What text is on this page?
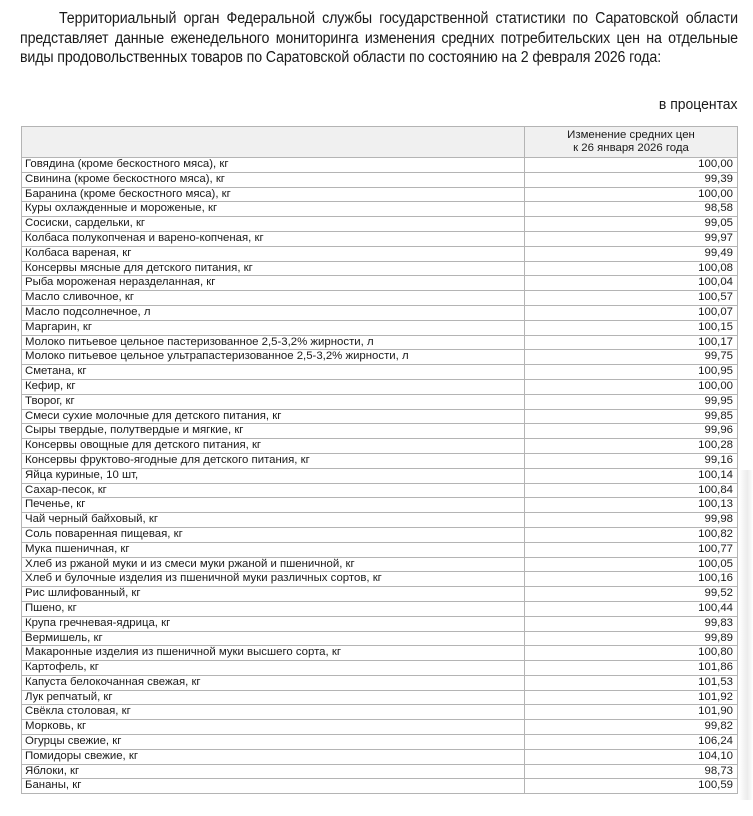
Территориальный орган Федеральной службы государственной статистики по Саратовской области представляет данные еженедельного мониторинга изменения средних потребительских цен на отдельные виды продовольственных товаров по Саратовской области по состоянию на 2 февраля 2026 года:

в процентах

	Изменение средних цен
к 26 января 2026 года

Говядина (кроме бескостного мяса), кг	100,00
Свинина (кроме бескостного мяса), кг	99,39
Баранина (кроме бескостного мяса), кг	100,00
Куры охлажденные и мороженые, кг	98,58
Сосиски, сардельки, кг	99,05
Колбаса полукопченая и варено-копченая, кг	99,97
Колбаса вареная, кг	99,49
Консервы мясные для детского питания, кг	100,08
Рыба мороженая неразделанная, кг	100,04
Масло сливочное, кг	100,57
Масло подсолнечное, л	100,07
Маргарин, кг	100,15
Молоко питьевое цельное пастеризованное 2,5-3,2% жирности, л	100,17
Молоко питьевое цельное ультрапастеризованное 2,5-3,2% жирности, л	99,75
Сметана, кг	100,95
Кефир, кг	100,00
Творог, кг	99,95
Смеси сухие молочные для детского питания, кг	99,85
Сыры твердые, полутвердые и мягкие, кг	99,96
Консервы овощные для детского питания, кг	100,28
Консервы фруктово-ягодные для детского питания, кг	99,16
Яйца куриные, 10 шт,	100,14
Сахар-песок, кг	100,84
Печенье, кг	100,13
Чай черный байховый, кг	99,98
Соль поваренная пищевая, кг	100,82
Мука пшеничная, кг	100,77
Хлеб из ржаной муки и из смеси муки ржаной и пшеничной, кг	100,05
Хлеб и булочные изделия из пшеничной муки различных сортов, кг	100,16
Рис шлифованный, кг	99,52
Пшено, кг	100,44
Крупа гречневая-ядрица, кг	99,83
Вермишель, кг	99,89
Макаронные изделия из пшеничной муки высшего сорта, кг	100,80
Картофель, кг	101,86
Капуста белокочанная свежая, кг	101,53
Лук репчатый, кг	101,92
Свёкла столовая, кг	101,90
Морковь, кг	99,82
Огурцы свежие, кг	106,24
Помидоры свежие, кг	104,10
Яблоки, кг	98,73
Бананы, кг	100,59
